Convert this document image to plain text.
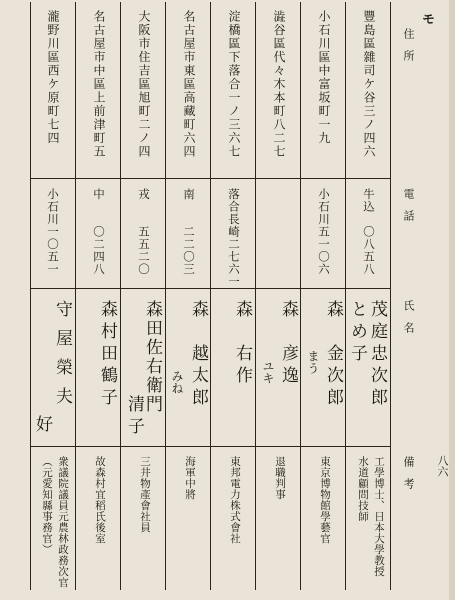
モ
住　所
電　話
氏　名
備　考 八六
豐島區雜司ケ谷三ノ四六
牛込　〇八五八
茂庭忠次郎
とめ子
工學博士、日本大學教授
水道顧問技師
小石川區中富坂町一九
小石川五一〇六
森　金次郎
まう
東京博物館學藝官
澁谷區代々木本町八二七
森　彦逸
ユキ
退職判事
淀橋區下落合一ノ三六七
落合長崎二七六一
森　右作
東邦電力株式會社
名古屋市東區高藏町六四
南　　二二〇三
森　越太郎
みね
海軍中將
大阪市住吉區旭町二ノ四
戎　　五五二〇
森田佐右衛門
清子
三井物產會社員
名古屋市中區上前津町五
中　　〇二四八
森村田鶴子
故森村宜稻氏後室
瀧野川區西ケ原町七四
小石川一〇五一
守屋榮夫
好
衆議院議員元農林政務次官
（元愛知縣事務官）
